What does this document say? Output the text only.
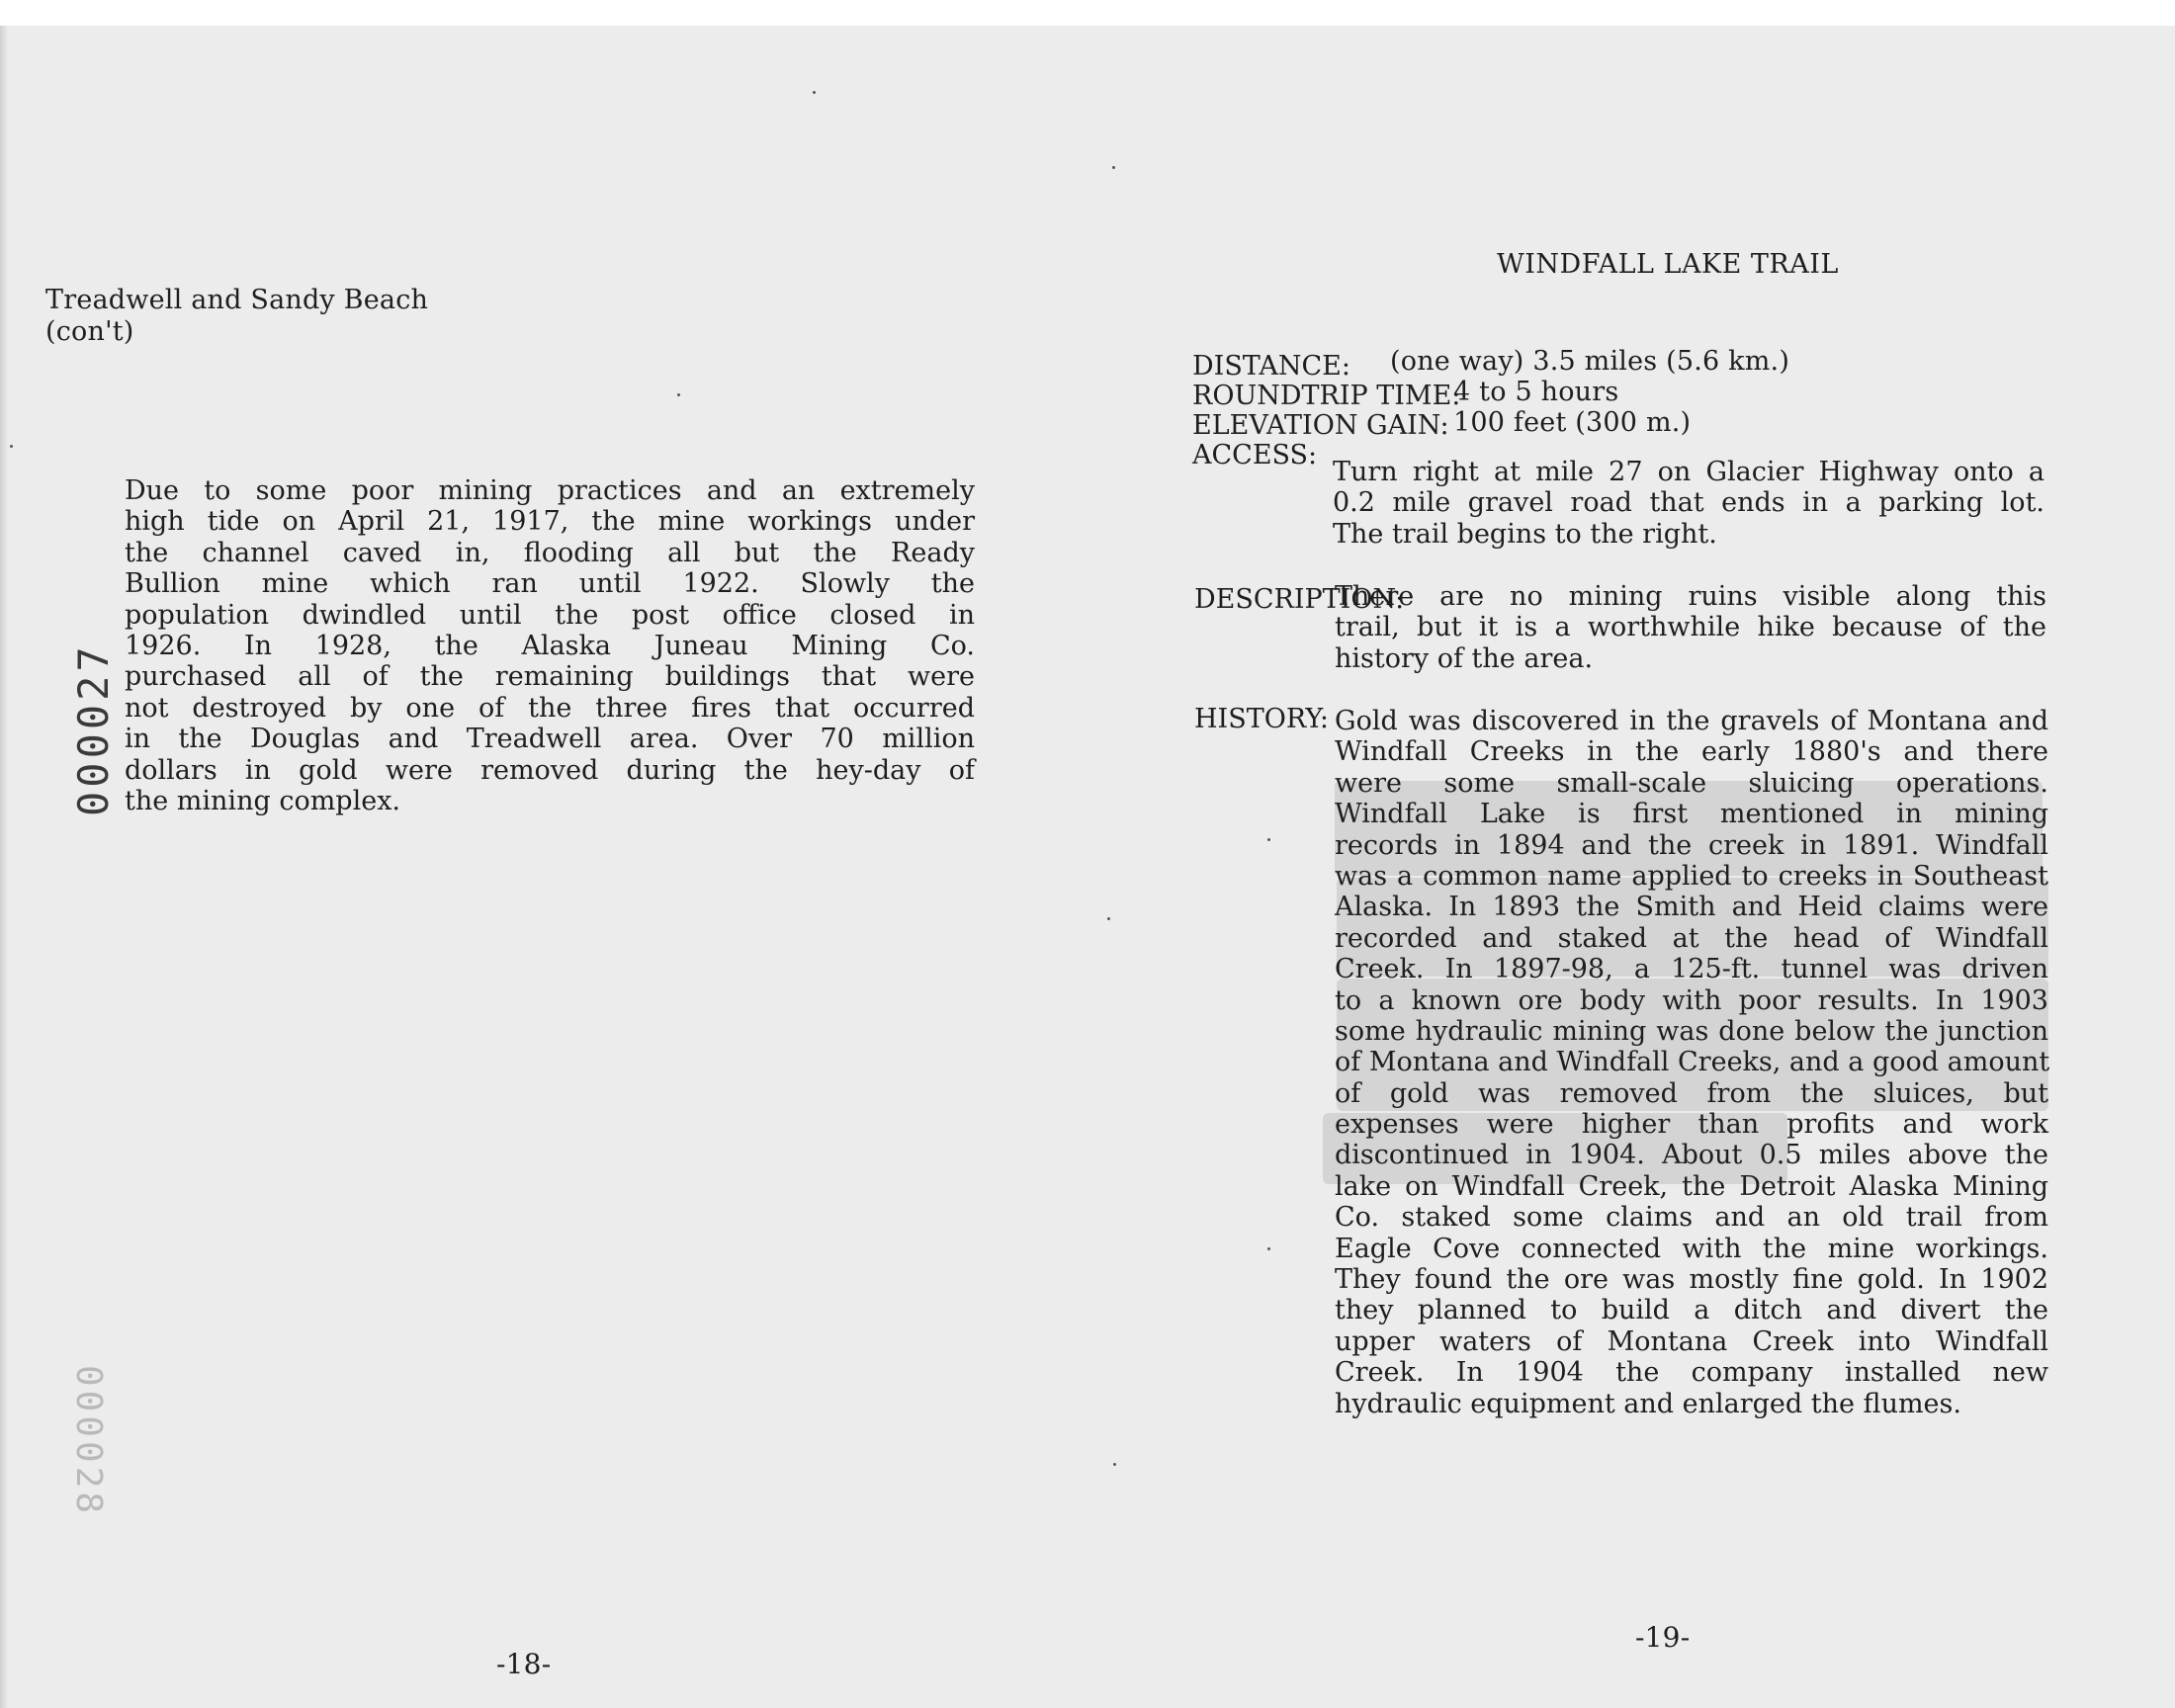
Treadwell and Sandy Beach
(con't)
Due to some poor mining practices and an extremely
high tide on April 21, 1917, the mine workings under
the channel caved in, flooding all but the Ready
Bullion mine which ran until 1922. Slowly the
population dwindled until the post office closed in
1926. In 1928, the Alaska Juneau Mining Co.
purchased all of the remaining buildings that were
not destroyed by one of the three fires that occurred
in the Douglas and Treadwell area. Over 70 million
dollars in gold were removed during the hey-day of
the mining complex.
000027
000028
-18-
WINDFALL LAKE TRAIL
DISTANCE: (one way) 3.5 miles (5.6 km.)
ROUNDTRIP TIME:
4 to 5 hours
ELEVATION GAIN: 100 feet (300 m.)
ACCESS:
Turn right at mile 27 on Glacier Highway onto a
0.2 mile gravel road that ends in a parking lot.
The trail begins to the right.
DESCRIPTION:
There are no mining ruins visible along this
trail, but it is a worthwhile hike because of the
history of the area.
HISTORY: Gold was discovered in the gravels of Montana and
Windfall Creeks in the early 1880's and there
were some small-scale sluicing operations.
Windfall Lake is first mentioned in mining
records in 1894 and the creek in 1891. Windfall
was a common name applied to creeks in Southeast
Alaska. In 1893 the Smith and Heid claims were
recorded and staked at the head of Windfall
Creek. In 1897-98, a 125-ft. tunnel was driven
to a known ore body with poor results. In 1903
some hydraulic mining was done below the junction
of Montana and Windfall Creeks, and a good amount
of gold was removed from the sluices, but
expenses were higher than profits and work
discontinued in 1904. About 0.5 miles above the
lake on Windfall Creek, the Detroit Alaska Mining
Co. staked some claims and an old trail from
Eagle Cove connected with the mine workings.
They found the ore was mostly fine gold. In 1902
they planned to build a ditch and divert the
upper waters of Montana Creek into Windfall
Creek. In 1904 the company installed new
hydraulic equipment and enlarged the flumes.
-19-
